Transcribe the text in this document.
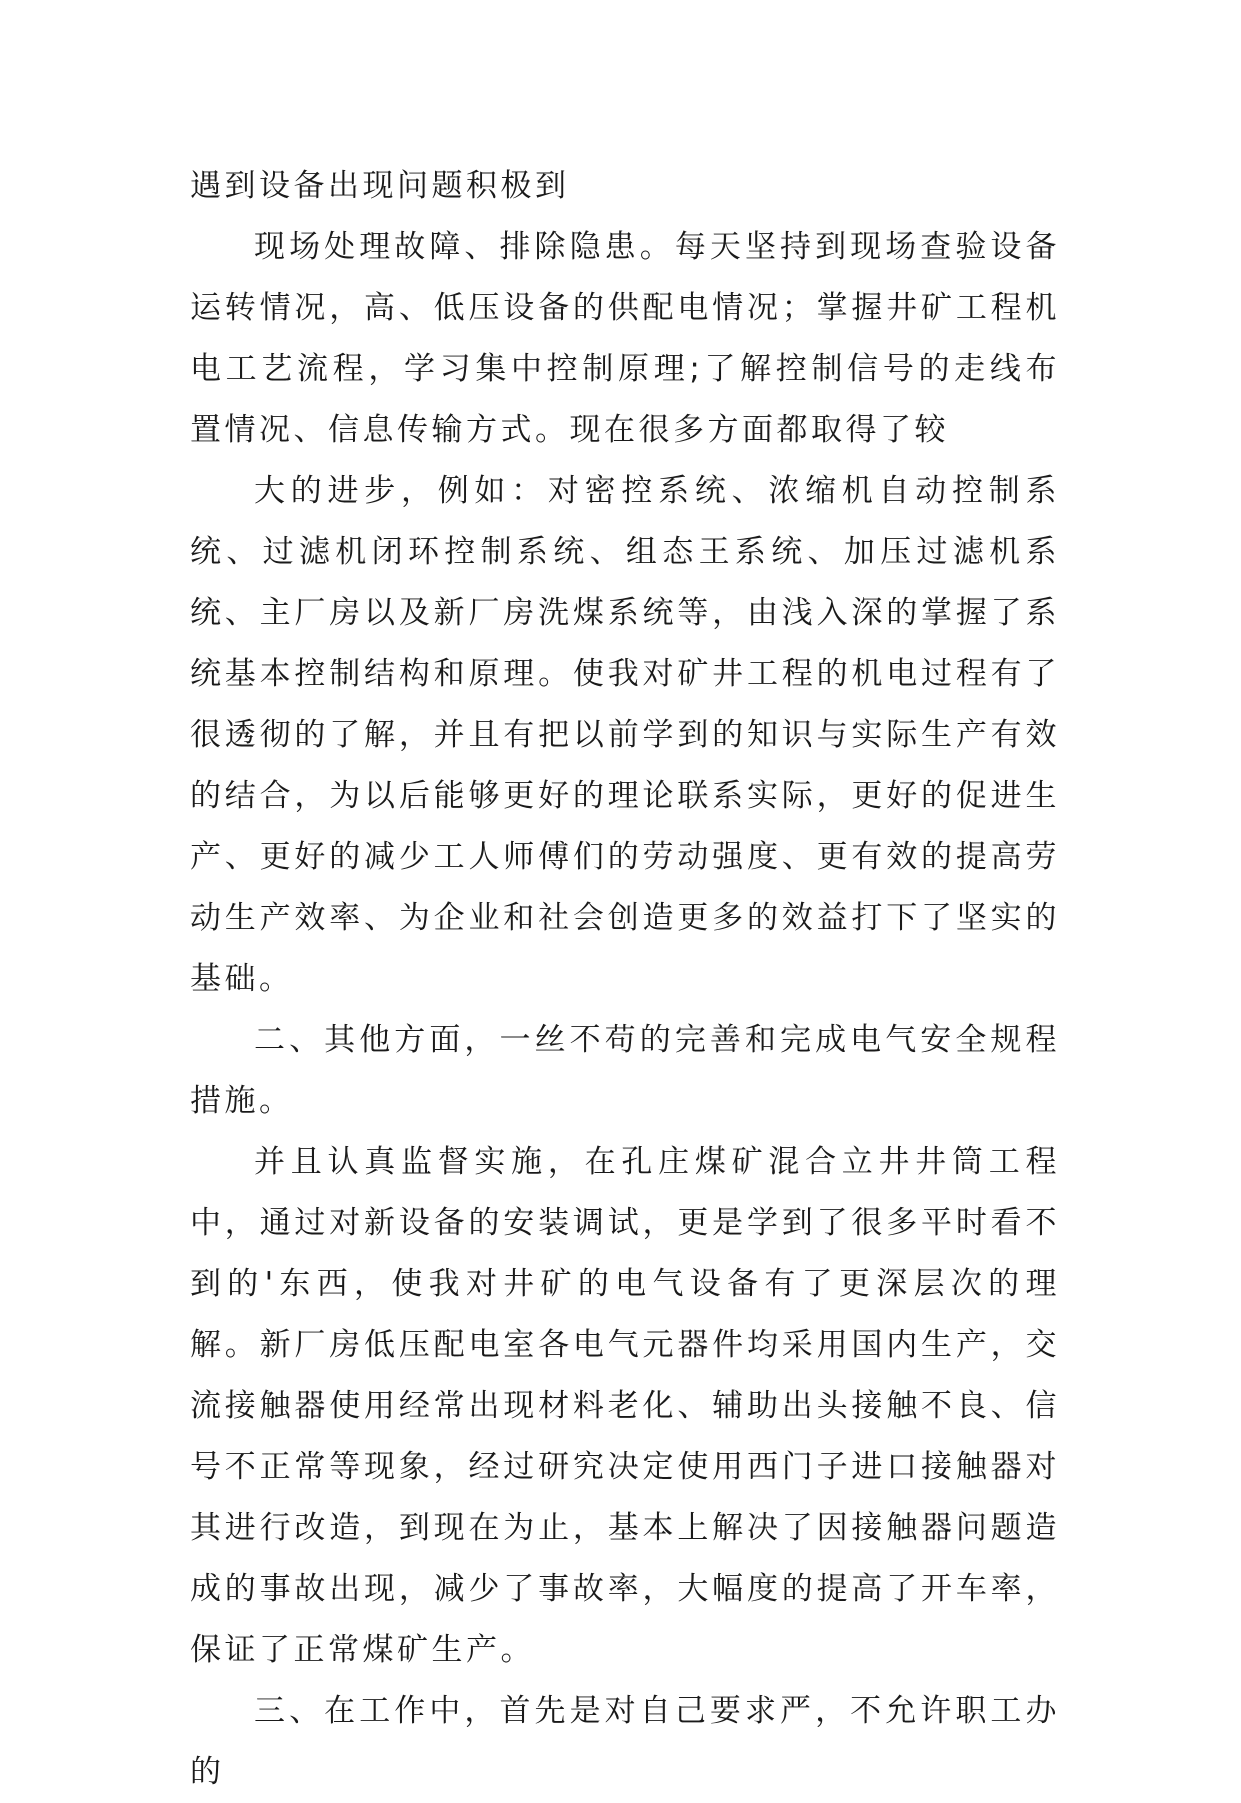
遇到设备出现问题积极到

现场处理故障、排除隐患。每天坚持到现场查验设备运转情况，高、低压设备的供配电情况；掌握井矿工程机电工艺流程，学习集中控制原理;了解控制信号的走线布置情况、信息传输方式。现在很多方面都取得了较

大的进步，例如：对密控系统、浓缩机自动控制系统、过滤机闭环控制系统、组态王系统、加压过滤机系统、主厂房以及新厂房洗煤系统等，由浅入深的掌握了系统基本控制结构和原理。使我对矿井工程的机电过程有了很透彻的了解，并且有把以前学到的知识与实际生产有效的结合，为以后能够更好的理论联系实际，更好的促进生产、更好的减少工人师傅们的劳动强度、更有效的提高劳动生产效率、为企业和社会创造更多的效益打下了坚实的基础。

二、其他方面，一丝不苟的完善和完成电气安全规程措施。

并且认真监督实施，在孔庄煤矿混合立井井筒工程中，通过对新设备的安装调试，更是学到了很多平时看不到的'东西，使我对井矿的电气设备有了更深层次的理解。新厂房低压配电室各电气元器件均采用国内生产，交流接触器使用经常出现材料老化、辅助出头接触不良、信号不正常等现象，经过研究决定使用西门子进口接触器对其进行改造，到现在为止，基本上解决了因接触器问题造成的事故出现，减少了事故率，大幅度的提高了开车率，保证了正常煤矿生产。

三、在工作中，首先是对自己要求严，不允许职工办的
